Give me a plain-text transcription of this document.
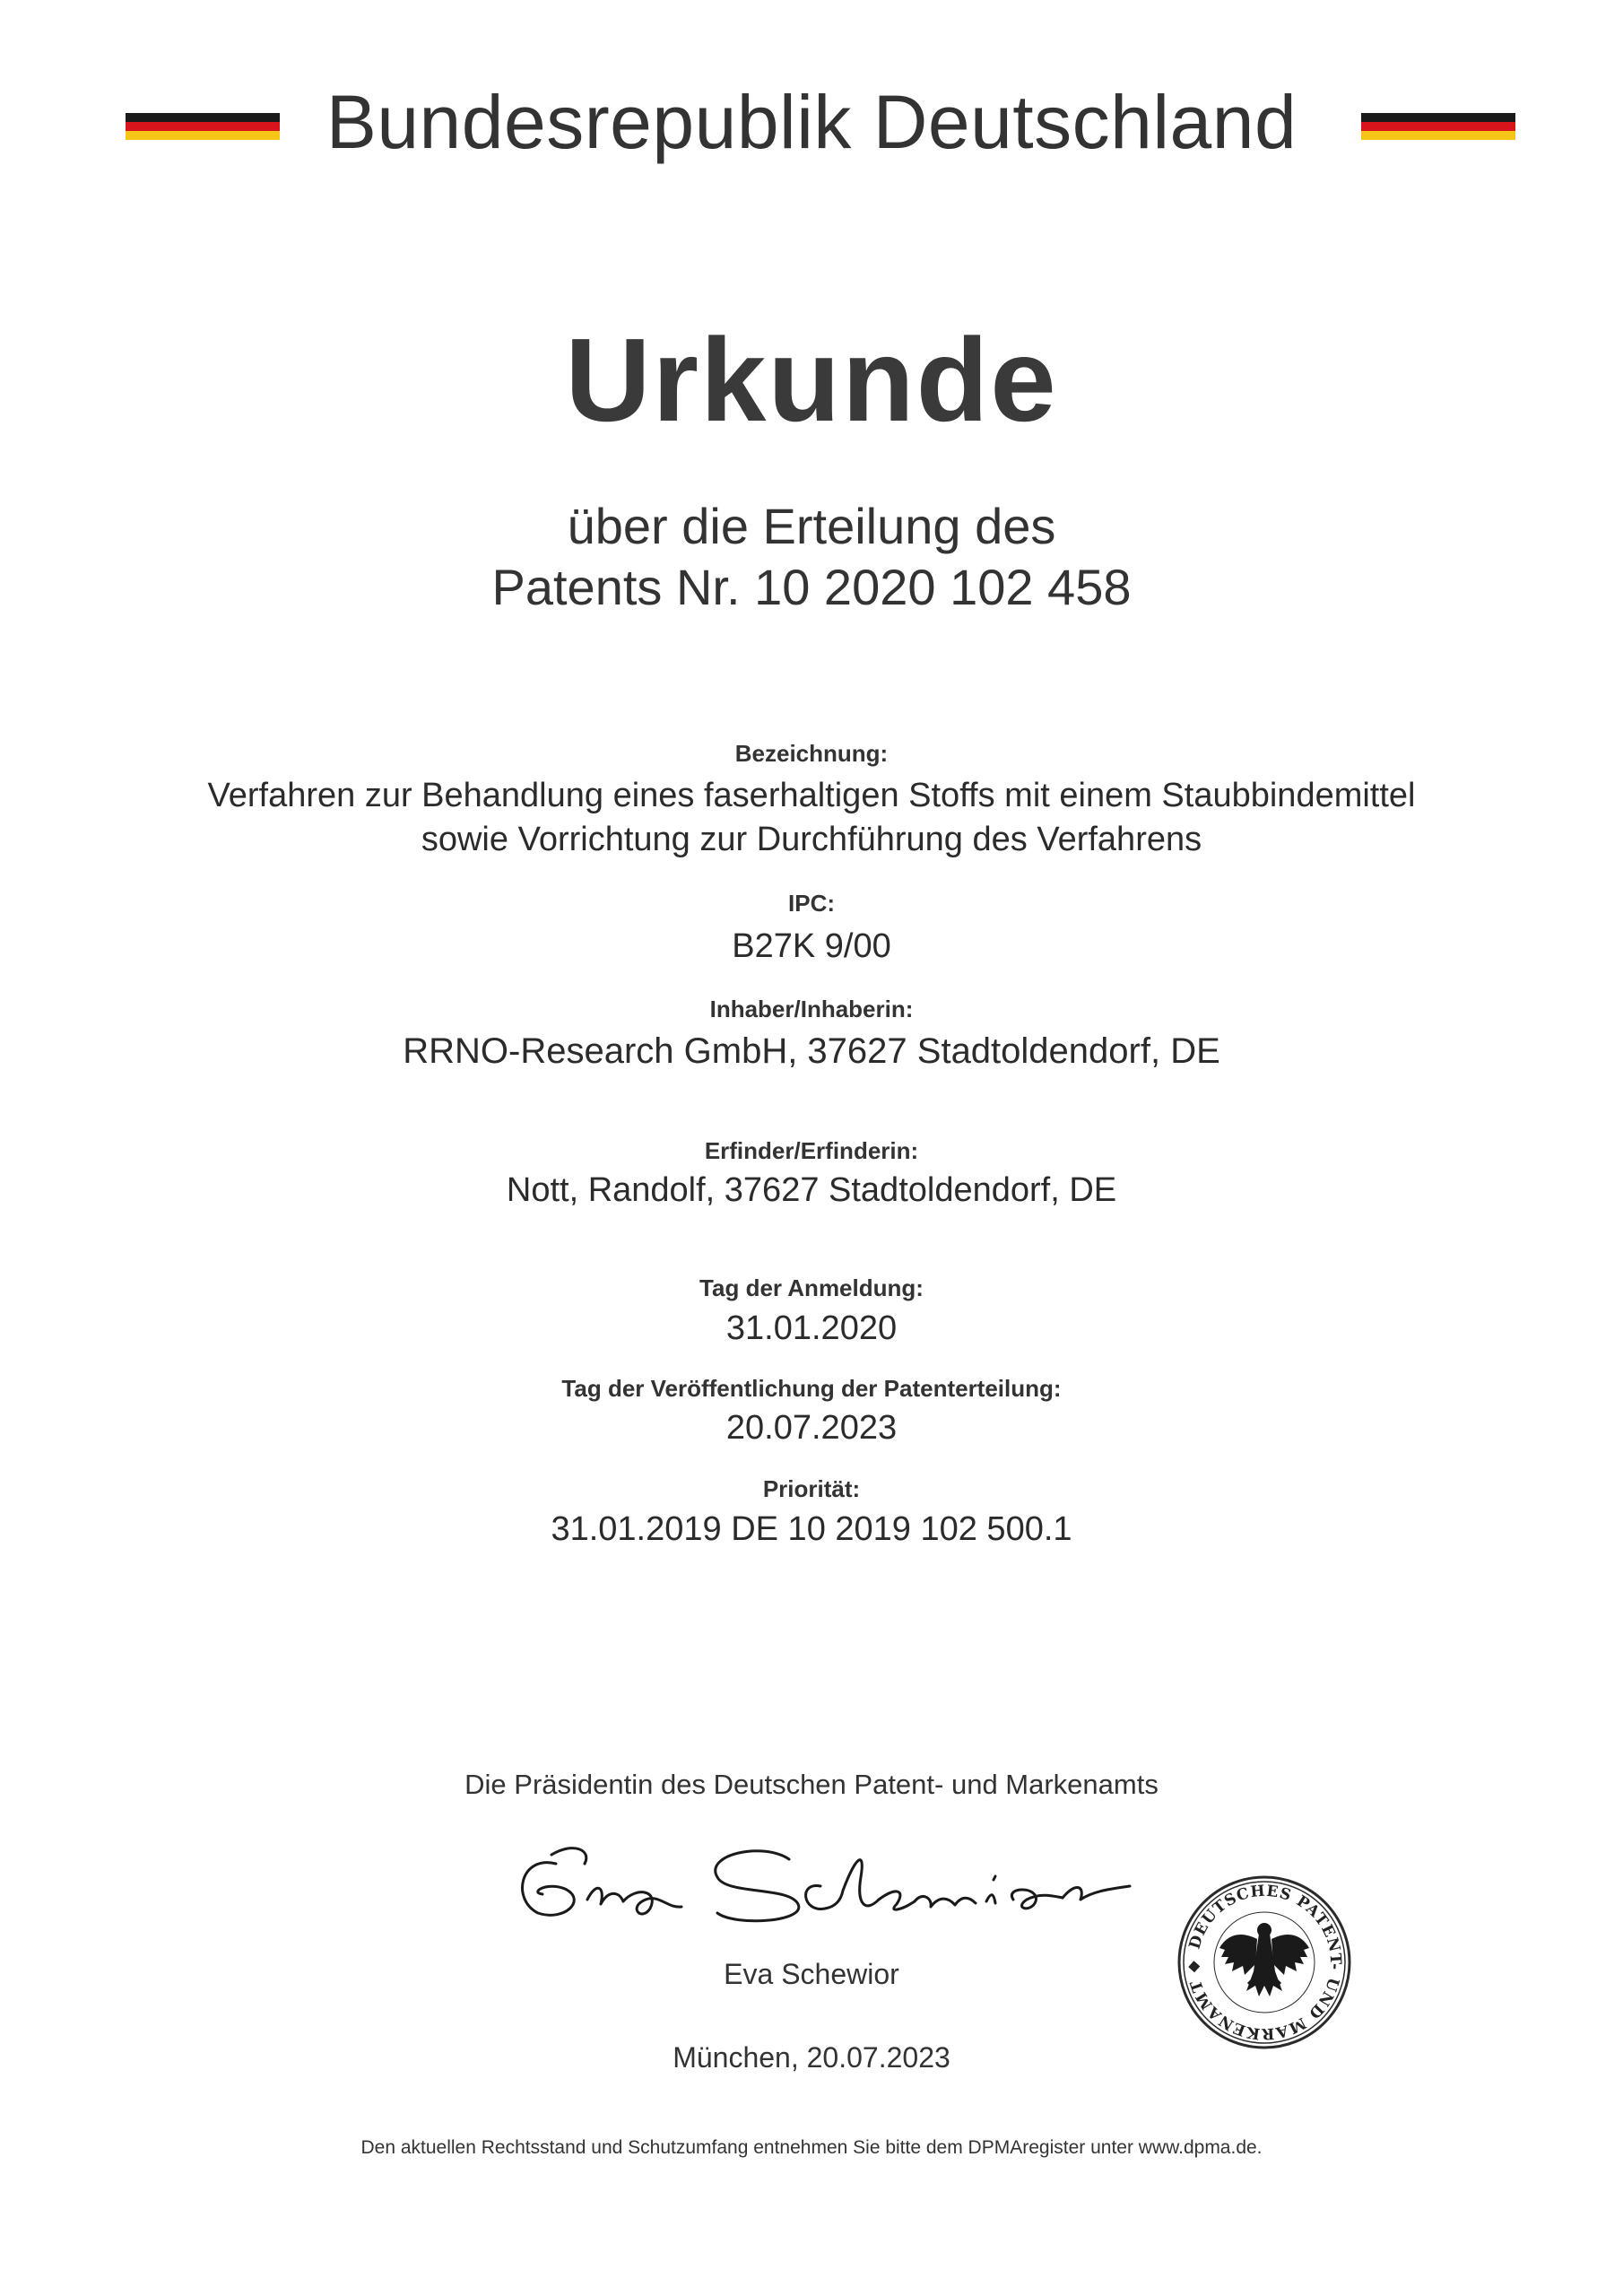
Bundesrepublik Deutschland
Urkunde
über die Erteilung des
Patents Nr. 10 2020 102 458
Bezeichnung:
Verfahren zur Behandlung eines faserhaltigen Stoffs mit einem Staubbindemittel
sowie Vorrichtung zur Durchführung des Verfahrens
IPC:
B27K 9/00
Inhaber/Inhaberin:
RRNO-Research GmbH, 37627 Stadtoldendorf, DE
Erfinder/Erfinderin:
Nott, Randolf, 37627 Stadtoldendorf, DE
Tag der Anmeldung:
31.01.2020
Tag der Veröffentlichung der Patenterteilung:
20.07.2023
Priorität:
31.01.2019 DE 10 2019 102 500.1
Die Präsidentin des Deutschen Patent- und Markenamts
Eva Schewior
München, 20.07.2023
DEUTSCHES PATENT- UND MARKENAMT ◆
Den aktuellen Rechtsstand und Schutzumfang entnehmen Sie bitte dem DPMAregister unter www.dpma.de.
